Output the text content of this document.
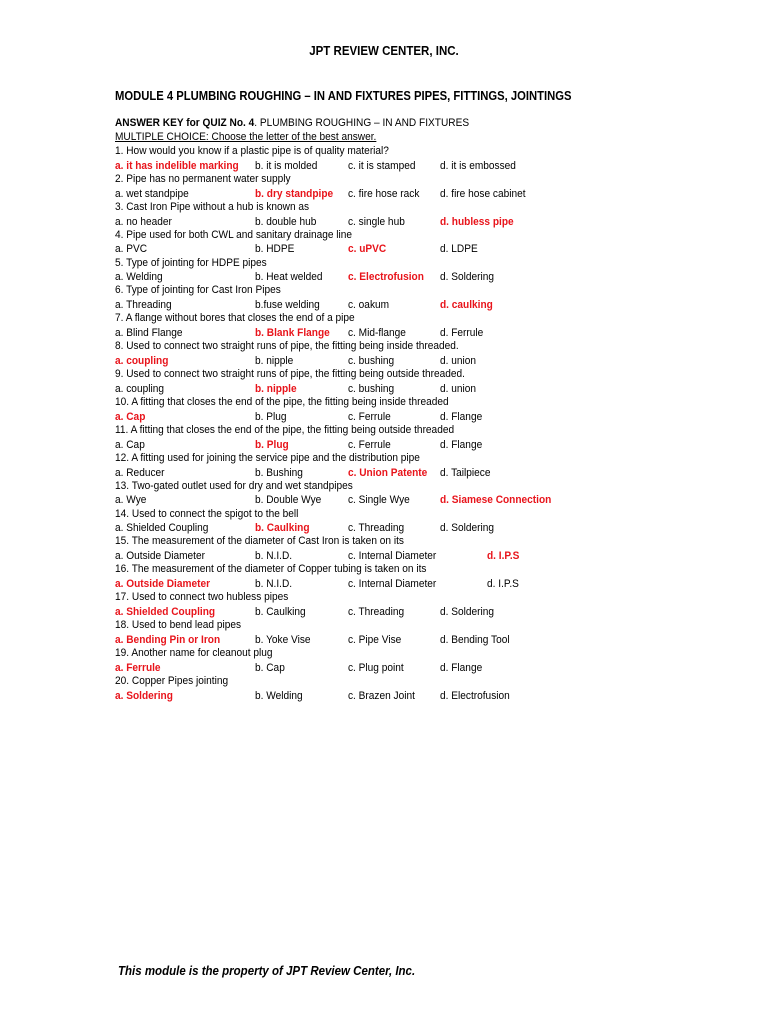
JPT REVIEW CENTER, INC.
MODULE 4 PLUMBING ROUGHING – IN AND FIXTURES PIPES, FITTINGS, JOINTINGS
ANSWER KEY for QUIZ No. 4. PLUMBING ROUGHING – IN AND FIXTURES
MULTIPLE CHOICE: Choose the letter of the best answer.
1. How would you know if a plastic pipe is of quality material?
a. it has indelible marking b. it is molded	c. it is stamped d. it is embossed
2. Pipe has no permanent water supply
a. wet standpipe	b. dry standpipe c. fire hose rack d. fire hose cabinet
3. Cast Iron Pipe without a hub is known as
a. no header	b. double hub	c. single hub	d. hubless pipe
4. Pipe used for both CWL and sanitary drainage line
a. PVC	b. HDPE	c. uPVC	d. LDPE
5. Type of jointing for HDPE pipes
a. Welding	b. Heat welded c. Electrofusion d. Soldering
6. Type of jointing for Cast Iron Pipes
a. Threading	b.fuse welding	c. oakum	d. caulking
7. A flange without bores that closes the end of a pipe
a. Blind Flange	b. Blank Flange c. Mid-flange	d. Ferrule
8. Used to connect two straight runs of pipe, the fitting being inside threaded.
a. coupling	b. nipple	c. bushing	d. union
9. Used to connect two straight runs of pipe, the fitting being outside threaded.
a. coupling	b. nipple	c. bushing	d. union
10. A fitting that closes the end of the pipe, the fitting being inside threaded
a. Cap	b. Plug	c. Ferrule	d. Flange
11. A fitting that closes the end of the pipe, the fitting being outside threaded
a. Cap	b. Plug	c. Ferrule	d. Flange
12. A fitting used for joining the service pipe and the distribution pipe
a. Reducer	b. Bushing	c. Union Patente d. Tailpiece
13. Two-gated outlet used for dry and wet standpipes
a. Wye	b. Double Wye c. Single Wye	d. Siamese Connection
14. Used to connect the spigot to the bell
a. Shielded Coupling	b. Caulking	c. Threading	d. Soldering
15. The measurement of the diameter of Cast Iron is taken on its
a. Outside Diameter	b. N.I.D.	c. Internal Diameter	d. I.P.S
16. The measurement of the diameter of Copper tubing is taken on its
a. Outside Diameter	b. N.I.D.	c. Internal Diameter	d. I.P.S
17. Used to connect two hubless pipes
a. Shielded Coupling	b. Caulking	c. Threading	d. Soldering
18. Used to bend lead pipes
a. Bending Pin or Iron	b. Yoke Vise	c. Pipe Vise	d. Bending Tool
19. Another name for cleanout plug
a. Ferrule	b. Cap	c. Plug point	d. Flange
20. Copper Pipes jointing
a. Soldering	b. Welding	c. Brazen Joint d. Electrofusion
This module is the property of JPT Review Center, Inc.
